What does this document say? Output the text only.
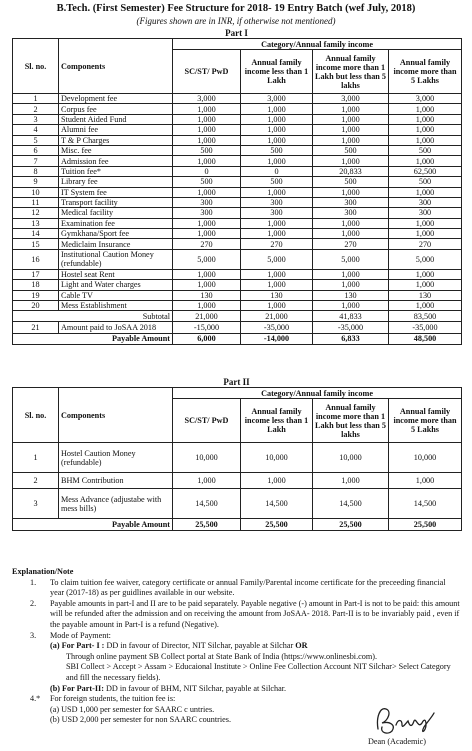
B.Tech. (First Semester) Fee Structure for 2018- 19 Entry Batch (wef July, 2018)
(Figures shown are in INR, if otherwise not mentioned)
Part I
Sl. no.	Components	Category/Annual family income			
		SC/ST/ PwD	Annual family income less than 1 Lakh	Annual family income more than 1 Lakh but less than 5 lakhs	Annual family income more than 5 Lakhs
1	Development fee	3,000	3,000	3,000	3,000
2	Corpus fee	1,000	1,000	1,000	1,000
3	Student Aided Fund	1,000	1,000	1,000	1,000
4	Alumni fee	1,000	1,000	1,000	1,000
5	T & P Charges	1,000	1,000	1,000	1,000
6	Misc. fee	500	500	500	500
7	Admission fee	1,000	1,000	1,000	1,000
8	Tuition fee*	0	0	20,833	62,500
9	Library fee	500	500	500	500
10	IT System fee	1,000	1,000	1,000	1,000
11	Transport facility	300	300	300	300
12	Medical facility	300	300	300	300
13	Examination fee	1,000	1,000	1,000	1,000
14	Gymkhana/Sport fee	1,000	1,000	1,000	1,000
15	Mediclaim Insurance	270	270	270	270
16	Institutional Caution Money (refundable)	5,000	5,000	5,000	5,000
17	Hostel seat Rent	1,000	1,000	1,000	1,000
18	Light and Water charges	1,000	1,000	1,000	1,000
19	Cable TV	130	130	130	130
20	Mess Establishment	1,000	1,000	1,000	1,000
Subtotal		21,000	21,000	41,833	83,500
21	Amount paid to JoSAA 2018	-15,000	-35,000	-35,000	-35,000
Payable Amount		6,000	-14,000	6,833	48,500
Part II
Sl. no.	Components	Category/Annual family income			
		SC/ST/ PwD	Annual family income less than 1 Lakh	Annual family income more than 1 Lakh but less than 5 lakhs	Annual family income more than 5 Lakhs
1	Hostel Caution Money (refundable)	10,000	10,000	10,000	10,000
2	BHM Contribution	1,000	1,000	1,000	1,000
3	Mess Advance (adjustabe with mess bills)	14,500	14,500	14,500	14,500
Payable Amount		25,500	25,500	25,500	25,500
Explanation/Note
1.	To claim tuition fee waiver, category certificate or annual Family/Parental income certificate for the preceeding financial year (2017-18) as per guidlines available in our website.
2.	Payable amounts in part-I and II are to be paid separately. Payable negative (-) amount in Part-I is not to be paid: this amount will be refunded after the admission and on receiving the amount from JoSAA- 2018. Part-II is to be invariably paid , even if the payable amount in Part-I is a refund (Negative).
3.	Mode of Payment:
(a) For Part- I : DD in favour of Director, NIT Silchar, payable at Silchar OR
Through online payment SB Collect portal at State Bank of India (https://www.onlinesbi.com).
SBI Collect > Accept > Assam > Educaional Institute > Online Fee Collection Account NIT Silchar> Select Category and fill the necessary fields).
(b) For Part-II: DD in favour of BHM, NIT Silchar, payable at Silchar.
4.*	For foreign students, the tuition fee is:
(a) USD 1,000 per semester for SAARC c untries.
(b) USD 2,000 per semester for non SAARC countries.
Dean (Academic)
